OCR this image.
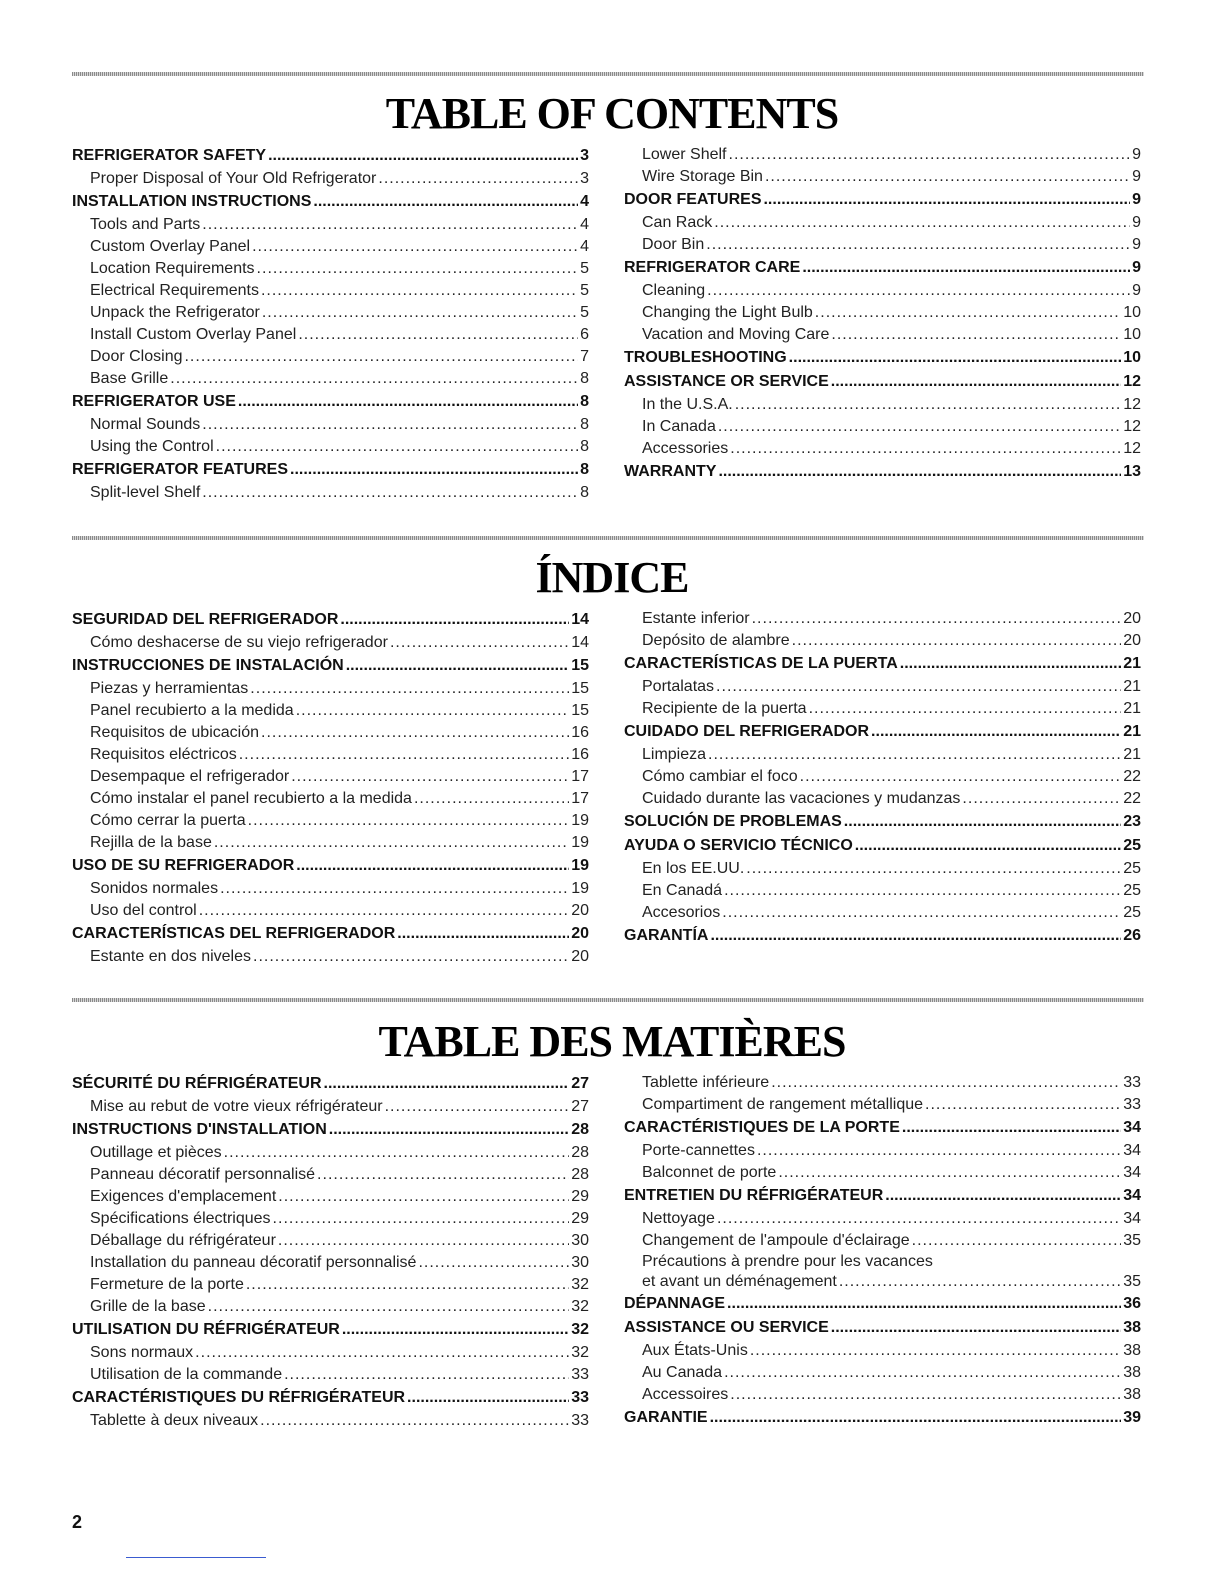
TABLE OF CONTENTS
REFRIGERATOR SAFETY .....	3
Proper Disposal of Your Old Refrigerator .....	3
INSTALLATION INSTRUCTIONS .....	4
Tools and Parts .....	4
Custom Overlay Panel .....	4
Location Requirements .....	5
Electrical Requirements .....	5
Unpack the Refrigerator .....	5
Install Custom Overlay Panel .....	6
Door Closing .....	7
Base Grille .....	8
REFRIGERATOR USE .....	8
Normal Sounds .....	8
Using the Control .....	8
REFRIGERATOR FEATURES .....	8
Split-level Shelf .....	8
Lower Shelf .....	9
Wire Storage Bin .....	9
DOOR FEATURES .....	9
Can Rack .....	9
Door Bin .....	9
REFRIGERATOR CARE .....	9
Cleaning .....	9
Changing the Light Bulb .....	10
Vacation and Moving Care .....	10
TROUBLESHOOTING .....	10
ASSISTANCE OR SERVICE .....	12
In the U.S.A. .....	12
In Canada .....	12
Accessories .....	12
WARRANTY .....	13
ÍNDICE
SEGURIDAD DEL REFRIGERADOR .....	14
Cómo deshacerse de su viejo refrigerador .....	14
INSTRUCCIONES DE INSTALACIÓN .....	15
Piezas y herramientas .....	15
Panel recubierto a la medida .....	15
Requisitos de ubicación .....	16
Requisitos eléctricos .....	16
Desempaque el refrigerador .....	17
Cómo instalar el panel recubierto a la medida .....	17
Cómo cerrar la puerta .....	19
Rejilla de la base .....	19
USO DE SU REFRIGERADOR .....	19
Sonidos normales .....	19
Uso del control .....	20
CARACTERÍSTICAS DEL REFRIGERADOR .....	20
Estante en dos niveles .....	20
Estante inferior .....	20
Depósito de alambre .....	20
CARACTERÍSTICAS DE LA PUERTA .....	21
Portalatas .....	21
Recipiente de la puerta .....	21
CUIDADO DEL REFRIGERADOR .....	21
Limpieza .....	21
Cómo cambiar el foco .....	22
Cuidado durante las vacaciones y mudanzas .....	22
SOLUCIÓN DE PROBLEMAS .....	23
AYUDA O SERVICIO TÉCNICO .....	25
En los EE.UU. .....	25
En Canadá .....	25
Accesorios .....	25
GARANTÍA .....	26
TABLE DES MATIÈRES
SÉCURITÉ DU RÉFRIGÉRATEUR .....	27
Mise au rebut de votre vieux réfrigérateur .....	27
INSTRUCTIONS D'INSTALLATION .....	28
Outillage et pièces .....	28
Panneau décoratif personnalisé .....	28
Exigences d'emplacement .....	29
Spécifications électriques .....	29
Déballage du réfrigérateur .....	30
Installation du panneau décoratif personnalisé .....	30
Fermeture de la porte .....	32
Grille de la base .....	32
UTILISATION DU RÉFRIGÉRATEUR .....	32
Sons normaux .....	32
Utilisation de la commande .....	33
CARACTÉRISTIQUES DU RÉFRIGÉRATEUR .....	33
Tablette à deux niveaux .....	33
Tablette inférieure .....	33
Compartiment de rangement métallique .....	33
CARACTÉRISTIQUES DE LA PORTE .....	34
Porte-cannettes .....	34
Balconnet de porte .....	34
ENTRETIEN DU RÉFRIGÉRATEUR .....	34
Nettoyage .....	34
Changement de l'ampoule d'éclairage .....	35
Précautions à prendre pour les vacances
et avant un déménagement .....	35
DÉPANNAGE .....	36
ASSISTANCE OU SERVICE .....	38
Aux États-Unis .....	38
Au Canada .....	38
Accessoires .....	38
GARANTIE .....	39
2
